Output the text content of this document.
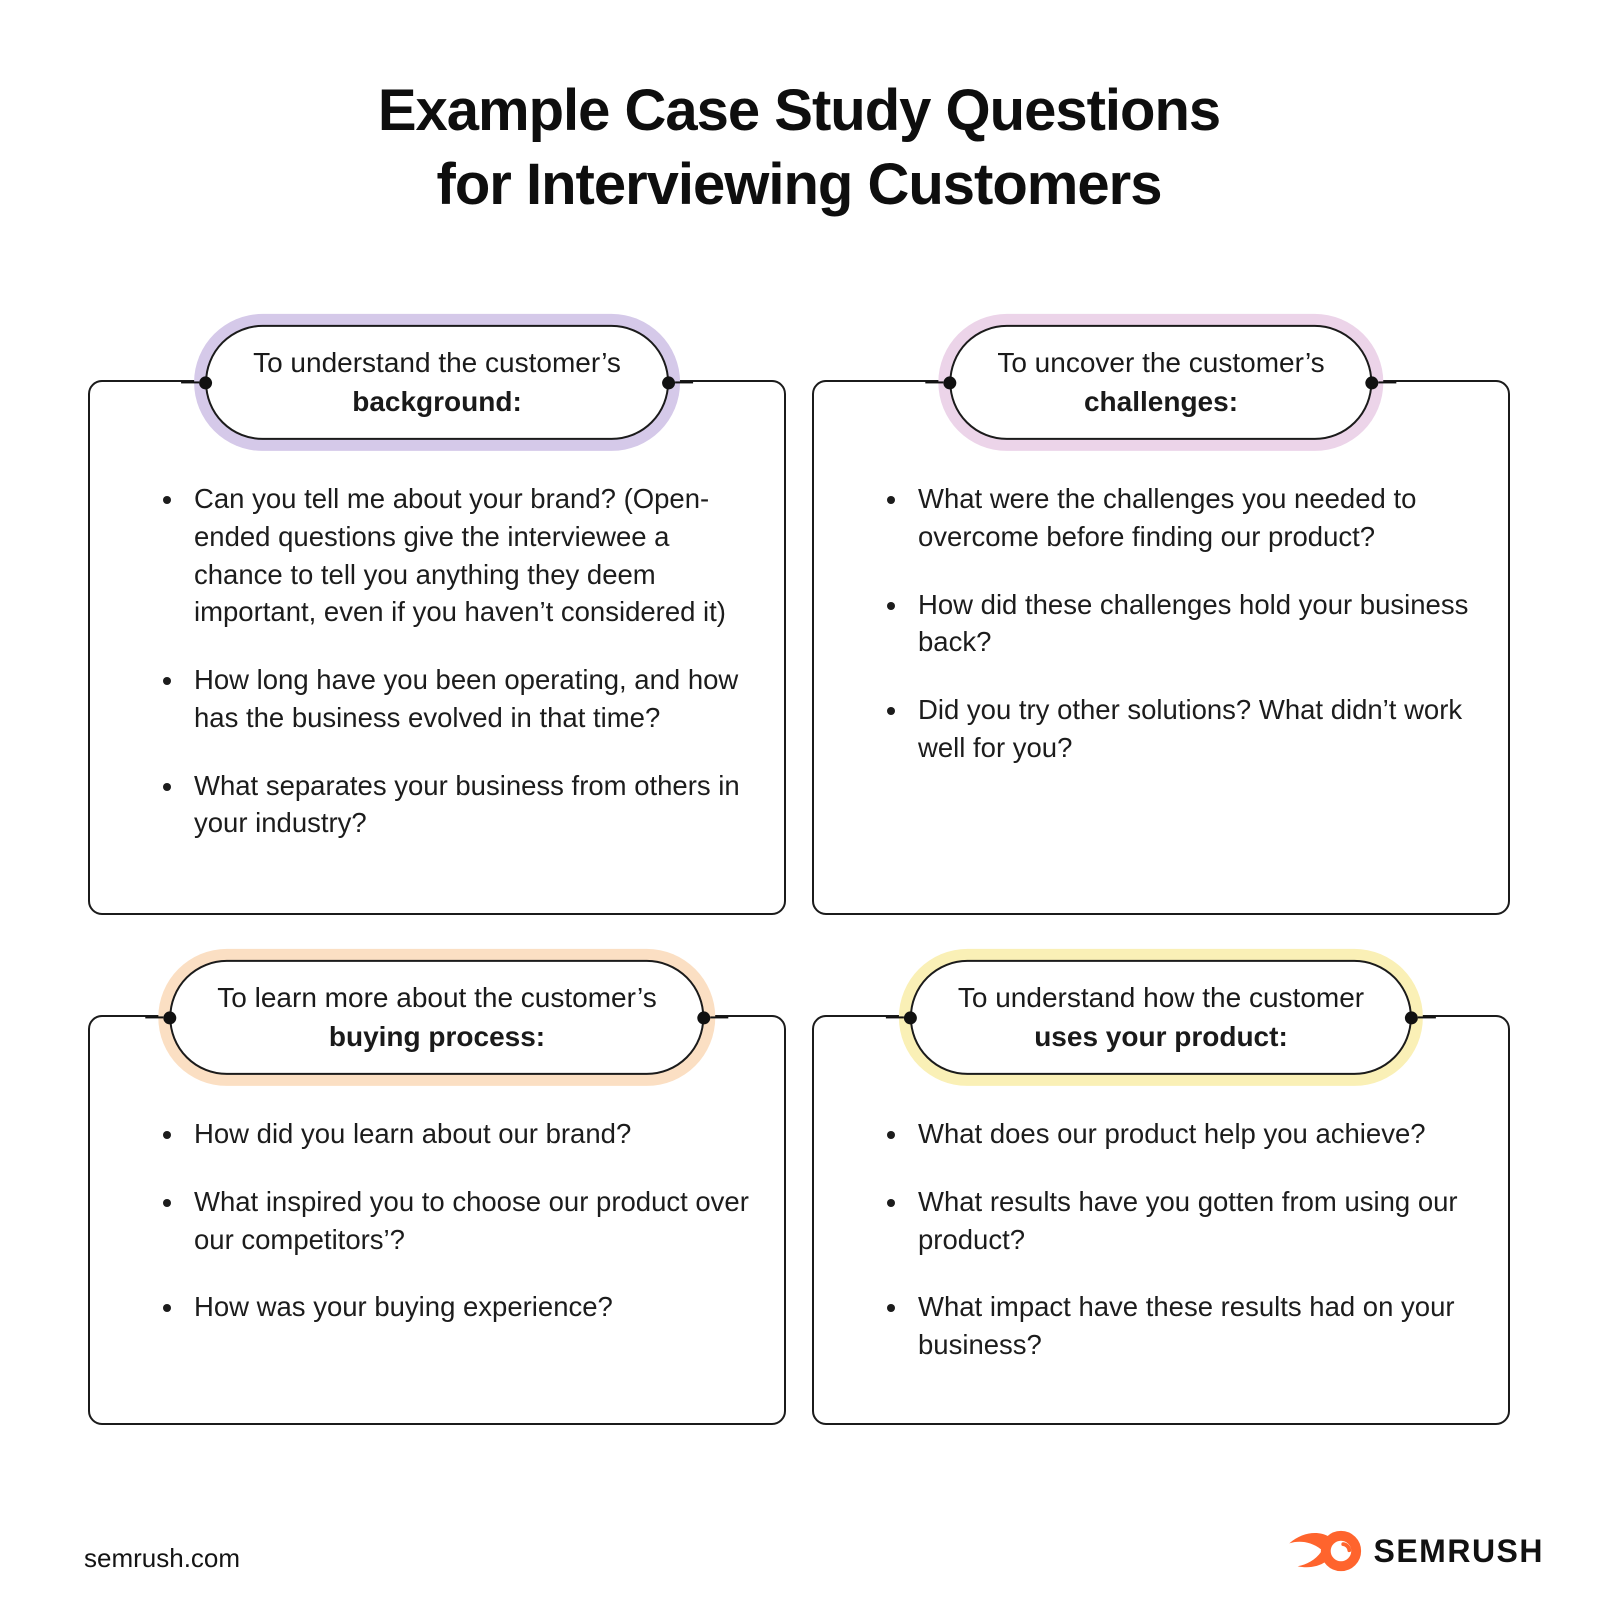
Example Case Study Questions
for Interviewing Customers
To understand the customer’s
background:
• Can you tell me about your brand? (Open-ended questions give the interviewee a chance to tell you anything they deem important, even if you haven’t considered it)
• How long have you been operating, and how has the business evolved in that time?
• What separates your business from others in your industry?
To uncover the customer’s
challenges:
• What were the challenges you needed to overcome before finding our product?
• How did these challenges hold your business back?
• Did you try other solutions? What didn’t work well for you?
To learn more about the customer’s
buying process:
• How did you learn about our brand?
• What inspired you to choose our product over our competitors’?
• How was your buying experience?
To understand how the customer
uses your product:
• What does our product help you achieve?
• What results have you gotten from using our product?
• What impact have these results had on your business?
semrush.com	SEMRUSH
